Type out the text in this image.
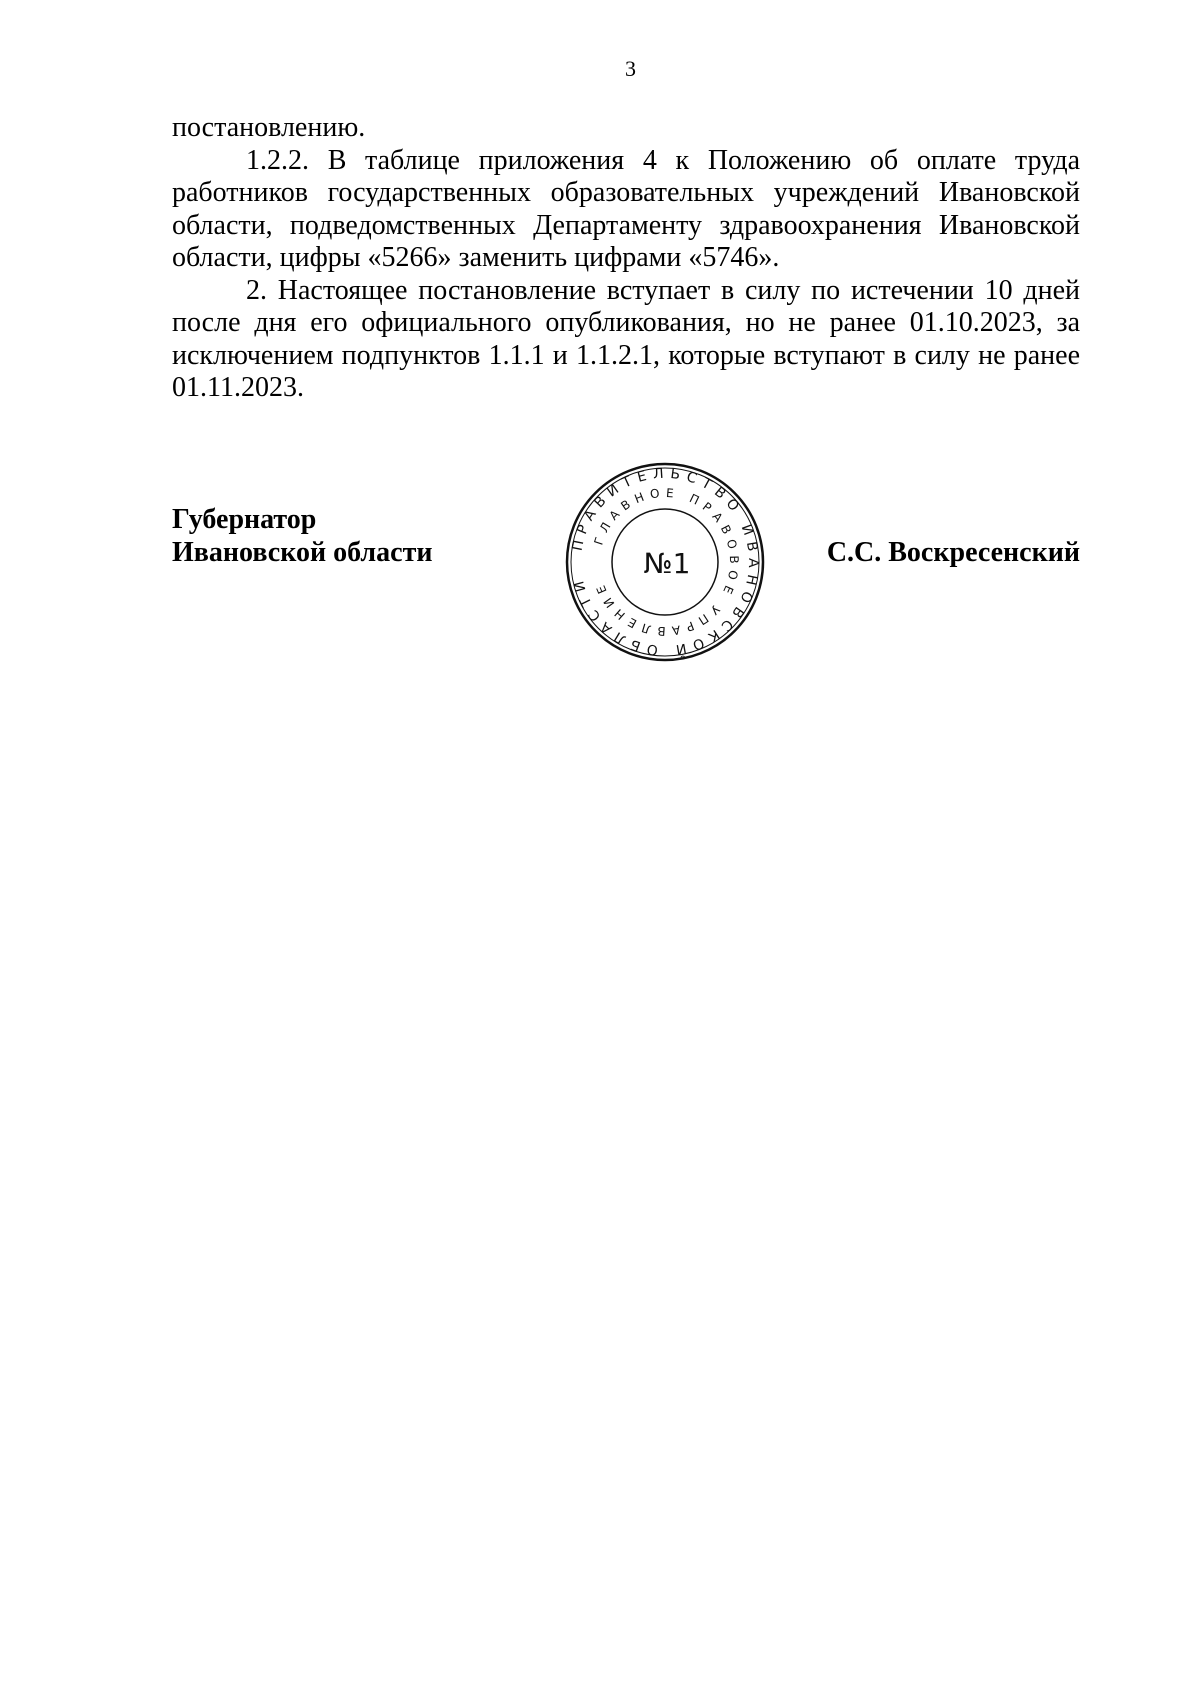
3

постановлению.

1.2.2. В таблице приложения 4 к Положению об оплате труда работников государственных образовательных учреждений Ивановской области, подведомственных Департаменту здравоохранения Ивановской области, цифры «5266» заменить цифрами «5746».

2. Настоящее постановление вступает в силу по истечении 10 дней после дня его официального опубликования, но не ранее 01.10.2023, за исключением подпунктов 1.1.1 и 1.1.2.1, которые вступают в силу не ранее 01.11.2023.

Губернатор
Ивановской области	С.С. Воскресенский
ПРАВИТЕЛЬСТВО ИВАНОВСКОЙ ОБЛАСТИ
ГЛАВНОЕ ПРАВОВОЕ УПРАВЛЕНИЕ
№1
